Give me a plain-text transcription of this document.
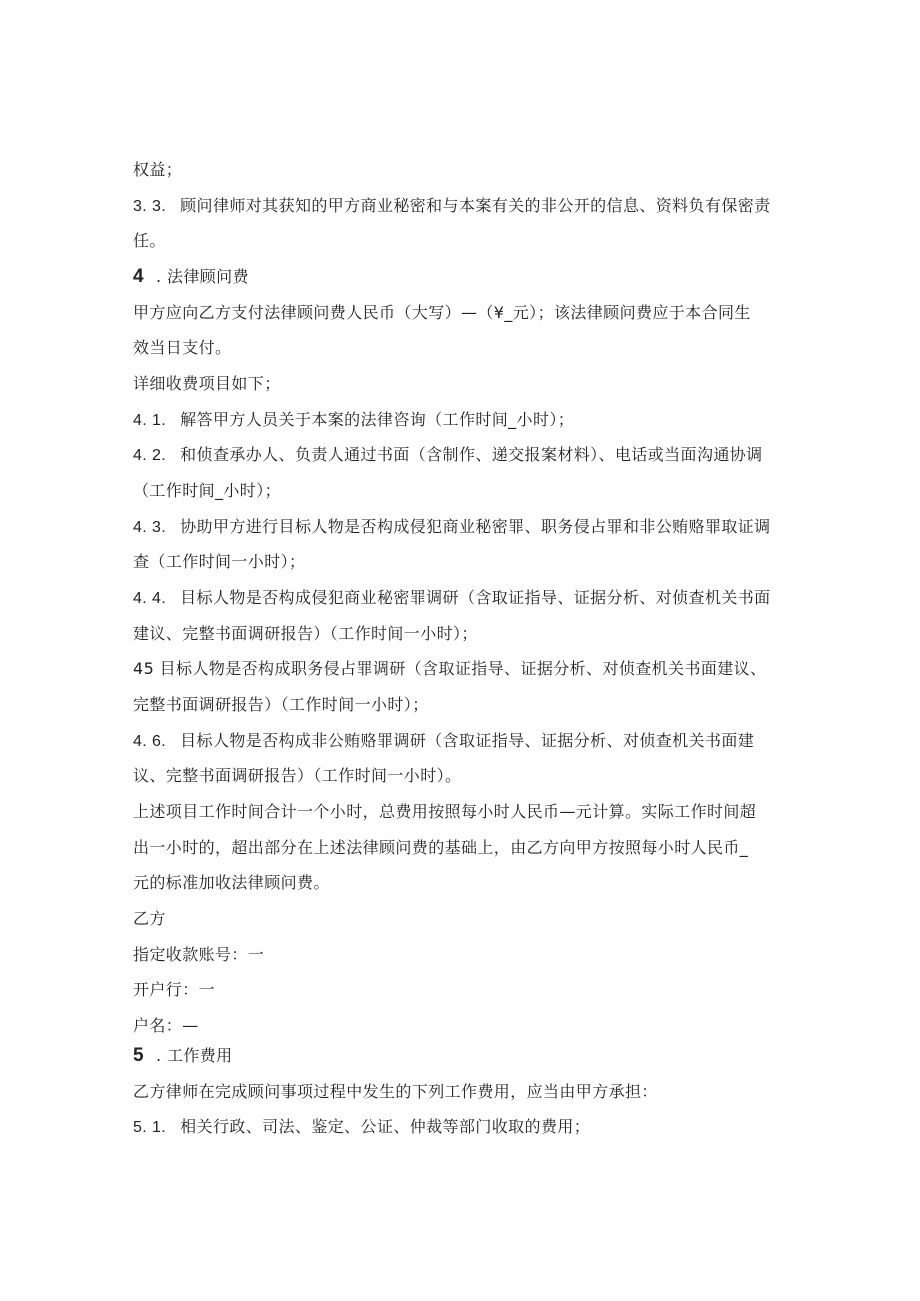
权益；
3. 3. 顾问律师对其获知的甲方商业秘密和与本案有关的非公开的信息、资料负有保密责
任。
4 . 法律顾问费
甲方应向乙方支付法律顾问费人民币（大写）—（¥_元）；该法律顾问费应于本合同生
效当日支付。
详细收费项目如下；
4. 1. 解答甲方人员关于本案的法律咨询（工作时间_小时）；
4. 2. 和侦查承办人、负责人通过书面（含制作、递交报案材料）、电话或当面沟通协调
（工作时间_小时）；
4. 3. 协助甲方进行目标人物是否构成侵犯商业秘密罪、职务侵占罪和非公贿赂罪取证调
查（工作时间一小时）；
4. 4. 目标人物是否构成侵犯商业秘密罪调研（含取证指导、证据分析、对侦查机关书面
建议、完整书面调研报告）（工作时间一小时）；
45 目标人物是否构成职务侵占罪调研（含取证指导、证据分析、对侦查机关书面建议、
完整书面调研报告）（工作时间一小时）；
4. 6. 目标人物是否构成非公贿赂罪调研（含取证指导、证据分析、对侦查机关书面建
议、完整书面调研报告）（工作时间一小时）。
上述项目工作时间合计一个小时，总费用按照每小时人民币—元计算。实际工作时间超
出一小时的，超出部分在上述法律顾问费的基础上，由乙方向甲方按照每小时人民币_
元的标准加收法律顾问费。
乙方
指定收款账号：一
开户行：一
户名：—
5 . 工作费用
乙方律师在完成顾问事项过程中发生的下列工作费用，应当由甲方承担：
5. 1. 相关行政、司法、鉴定、公证、仲裁等部门收取的费用；
